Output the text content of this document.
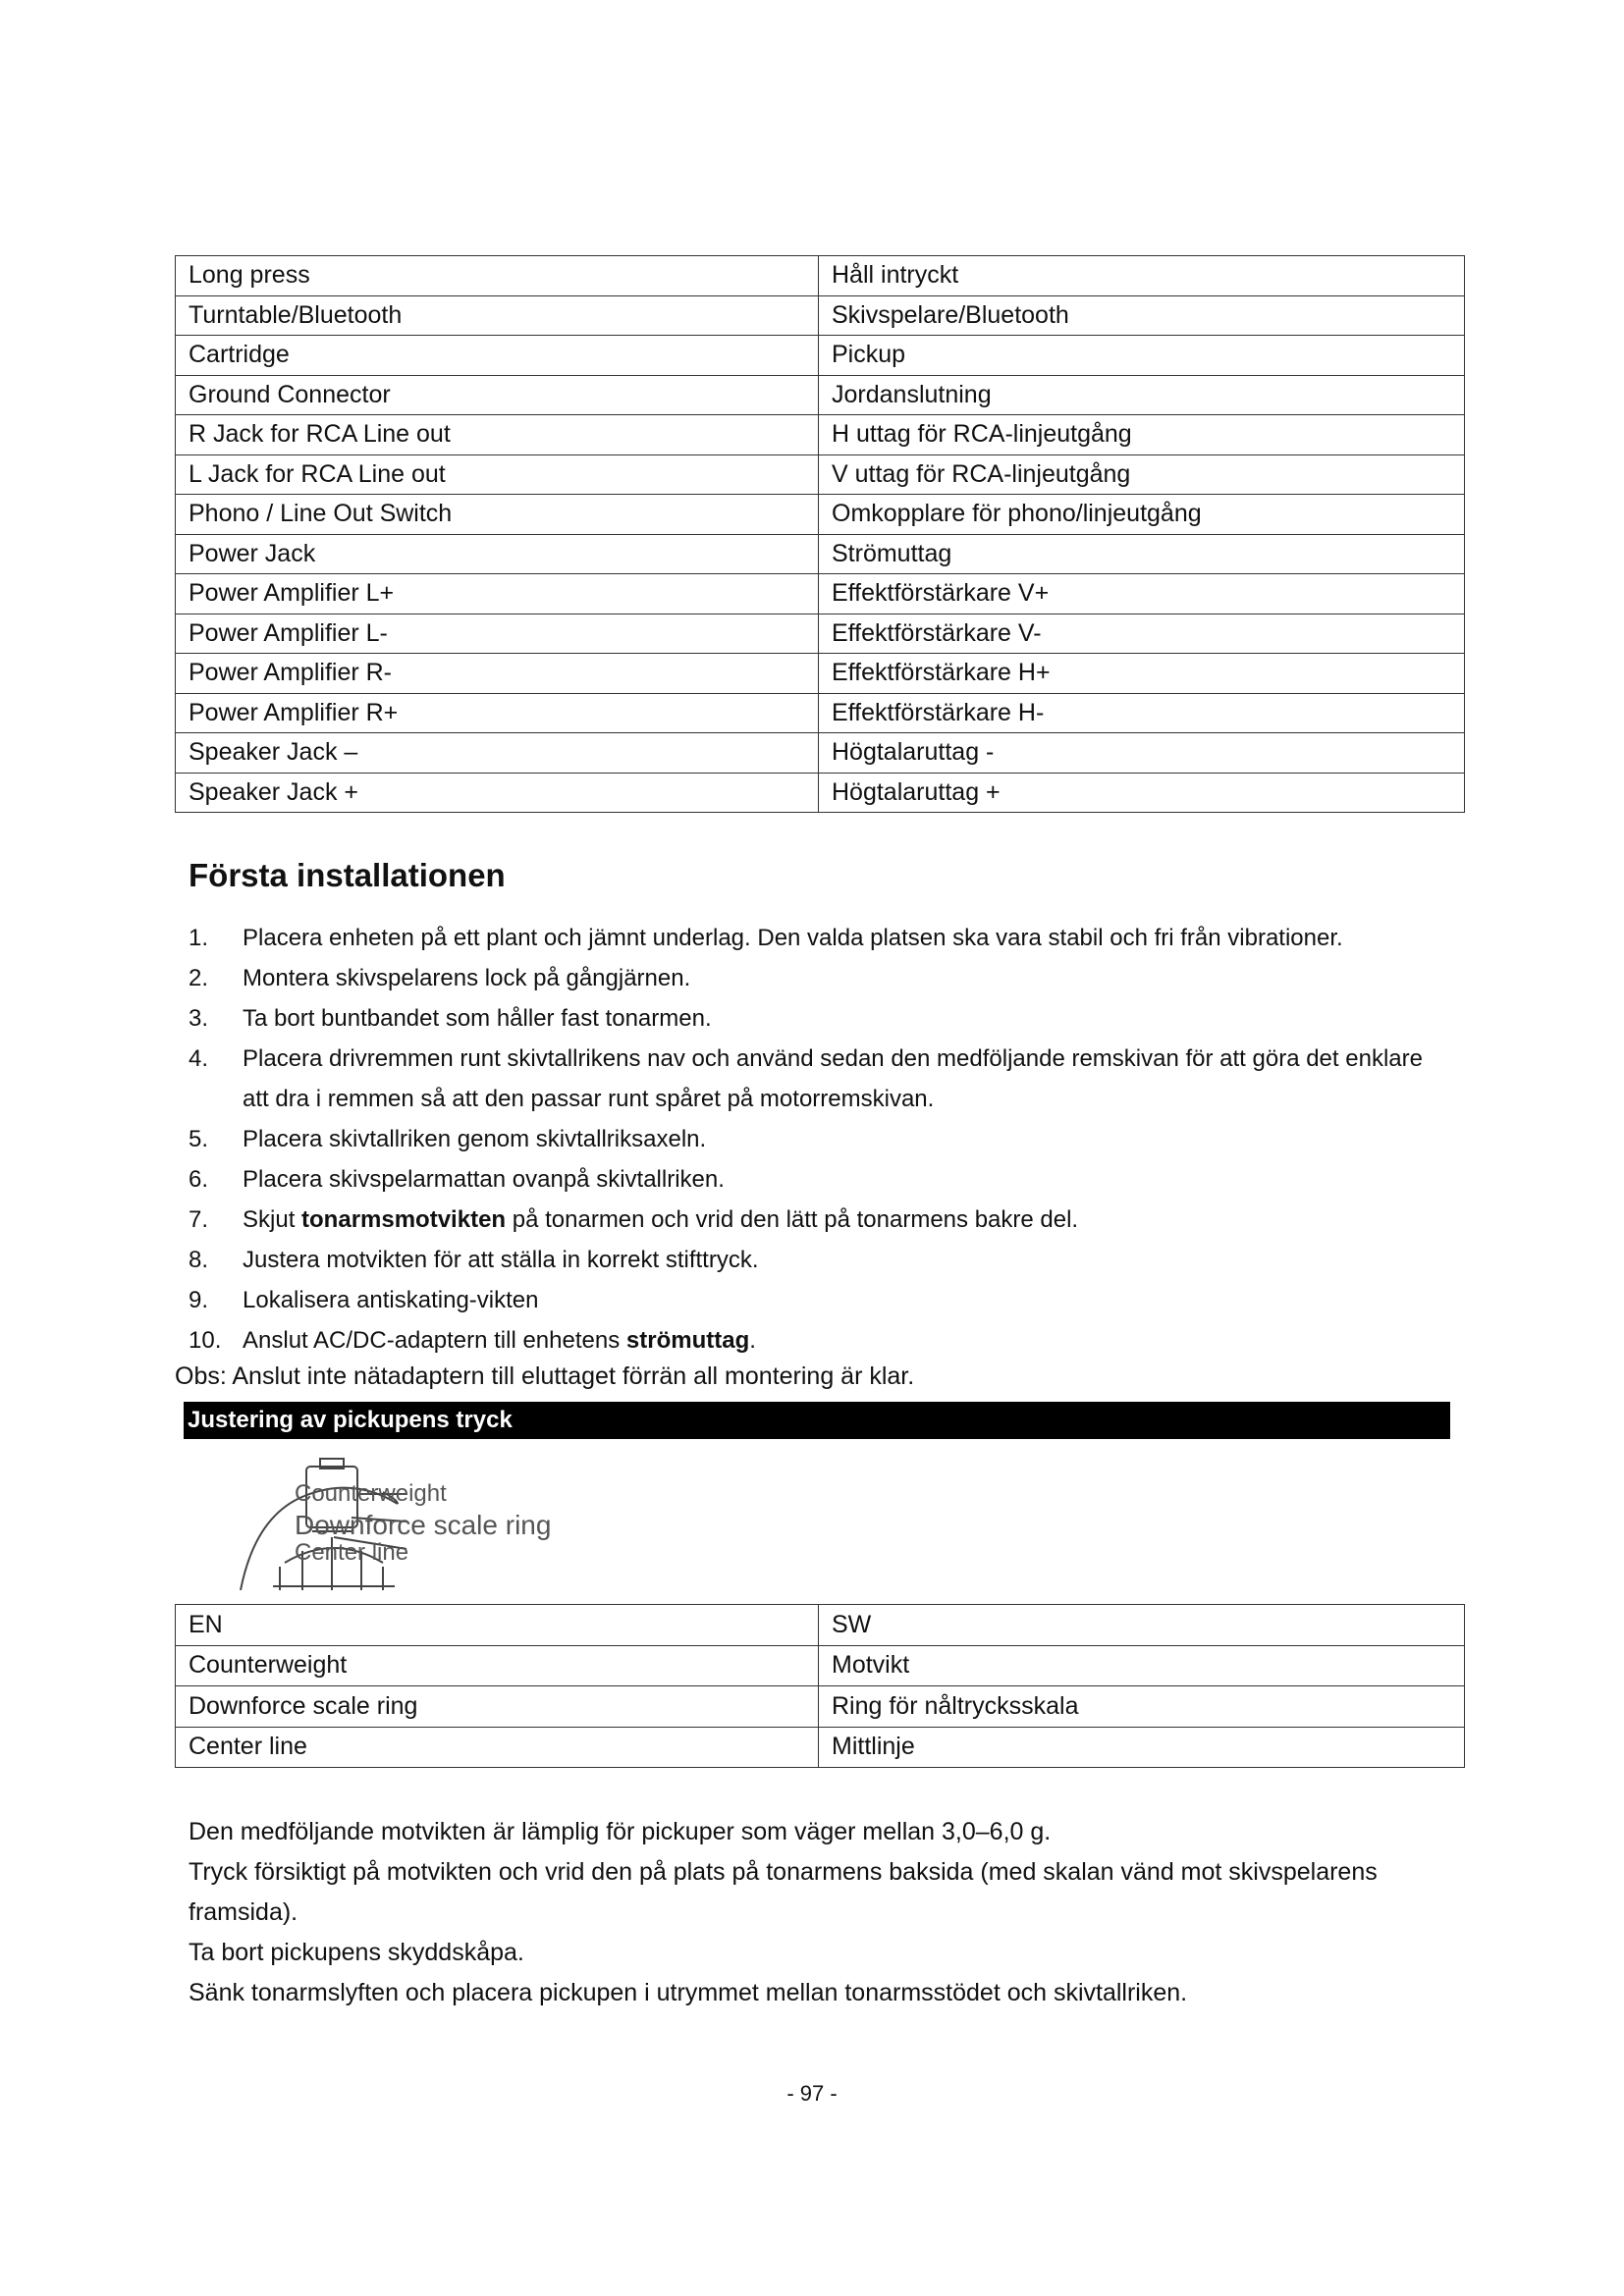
Long press	Håll intryckt
Turntable/Bluetooth	Skivspelare/Bluetooth
Cartridge	Pickup
Ground Connector	Jordanslutning
R Jack for RCA Line out	H uttag för RCA-linjeutgång
L Jack for RCA Line out	V uttag för RCA-linjeutgång
Phono / Line Out Switch	Omkopplare för phono/linjeutgång
Power Jack	Strömuttag
Power Amplifier L+	Effektförstärkare V+
Power Amplifier L-	Effektförstärkare V-
Power Amplifier R-	Effektförstärkare H+
Power Amplifier R+	Effektförstärkare H-
Speaker Jack –	Högtalaruttag -
Speaker Jack +	Högtalaruttag +
Första installationen
1. Placera enheten på ett plant och jämnt underlag. Den valda platsen ska vara stabil och fri från vibrationer.
2. Montera skivspelarens lock på gångjärnen.
3. Ta bort buntbandet som håller fast tonarmen.
4. Placera drivremmen runt skivtallrikens nav och använd sedan den medföljande remskivan för att göra det enklare att dra i remmen så att den passar runt spåret på motorremskivan.
5. Placera skivtallriken genom skivtallriksaxeln.
6. Placera skivspelarmattan ovanpå skivtallriken.
7. Skjut tonarmsmotvikten på tonarmen och vrid den lätt på tonarmens bakre del.
8. Justera motvikten för att ställa in korrekt stifttryck.
9. Lokalisera antiskating-vikten
10. Anslut AC/DC-adaptern till enhetens strömuttag.
Obs: Anslut inte nätadaptern till eluttaget förrän all montering är klar.
Justering av pickupens tryck
Counterweight
Downforce scale ring
Center line
EN	SW
Counterweight	Motvikt
Downforce scale ring	Ring för nåltrycksskala
Center line	Mittlinje

Den medföljande motvikten är lämplig för pickuper som väger mellan 3,0–6,0 g.

Tryck försiktigt på motvikten och vrid den på plats på tonarmens baksida (med skalan vänd mot skivspelarens framsida).

Ta bort pickupens skyddskåpa.

Sänk tonarmslyften och placera pickupen i utrymmet mellan tonarmsstödet och skivtallriken.

- 97 -
